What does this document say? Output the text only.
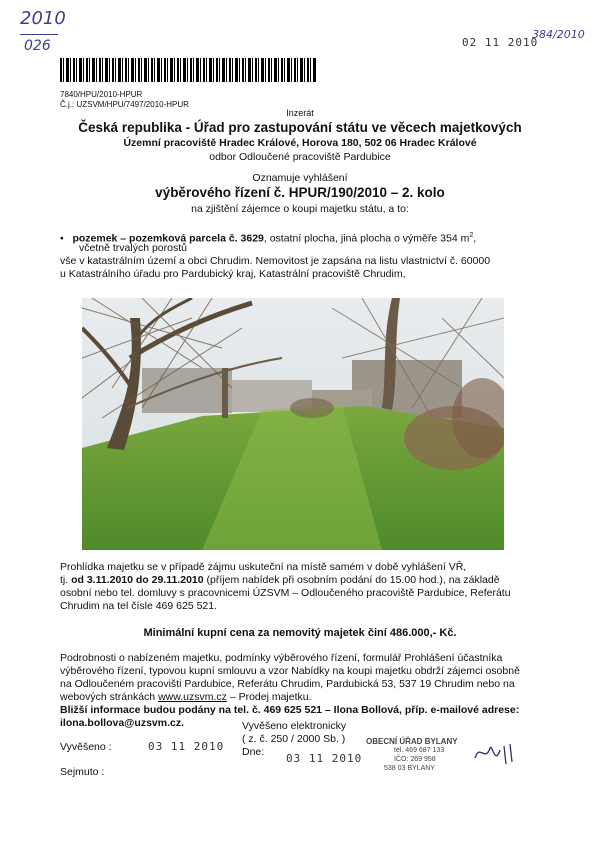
2010
026	02 11 2010
384/2010
7840/HPU/2010-HPUR
Č.j.: UZSVM/HPU/7497/2010-HPUR
Inzerát
Česká republika - Úřad pro zastupování státu ve věcech majetkových
Územní pracoviště Hradec Králové, Horova 180, 502 06 Hradec Králové
odbor Odloučené pracoviště Pardubice
Oznamuje vyhlášení
výběrového řízení č. HPUR/190/2010 – 2. kolo
na zjištění zájemce o koupi majetku státu, a to:
•   pozemek – pozemková parcela č. 3629, ostatní plocha, jiná plocha o výměře 354 $m^2$,
včetně trvalých porostů
vše v katastrálním území a obci Chrudim. Nemovitost je zapsána na listu vlastnictví č. 60000
u Katastrálního úřadu pro Pardubický kraj, Katastrální pracoviště Chrudim,
Prohlídka majetku se v případě zájmu uskuteční na místě samém v době vyhlášení VŘ,
tj. od 3.11.2010 do 29.11.2010 (příjem nabídek při osobním podání do 15.00 hod.), na základě
osobní nebo tel. domluvy s pracovnicemi ÚZSVM – Odloučeného pracoviště Pardubice, Referátu
Chrudim na tel čísle 469 625 521.
Minimální kupní cena za nemovitý majetek činí 486.000,- Kč.
Podrobnosti o nabízeném majetku, podmínky výběrového řízení, formulář Prohlášení účastníka
výběrového řízení, typovou kupní smlouvu a vzor Nabídky na koupi majetku obdrží zájemci osobně
na Odloučeném pracovišti Pardubice, Referátu Chrudim, Pardubická 53, 537 19 Chrudim nebo na
webových stránkách www.uzsvm.cz – Prodej majetku.
Bližší informace budou podány na tel. č. 469 625 521 – Ilona Bollová, příp. e-mailové adrese:
ilona.bollova@uzsvm.cz.
Vyvěšeno :	03 11 2010
Vyvěšeno elektronicky
( z. č. 250 / 2000 Sb. )
Dne: 03 11 2010
Sejmuto :
OBECNÍ ÚŘAD BYLANY
tel. 469 687 133
IČO: 269 958
538 03 BYLANY
